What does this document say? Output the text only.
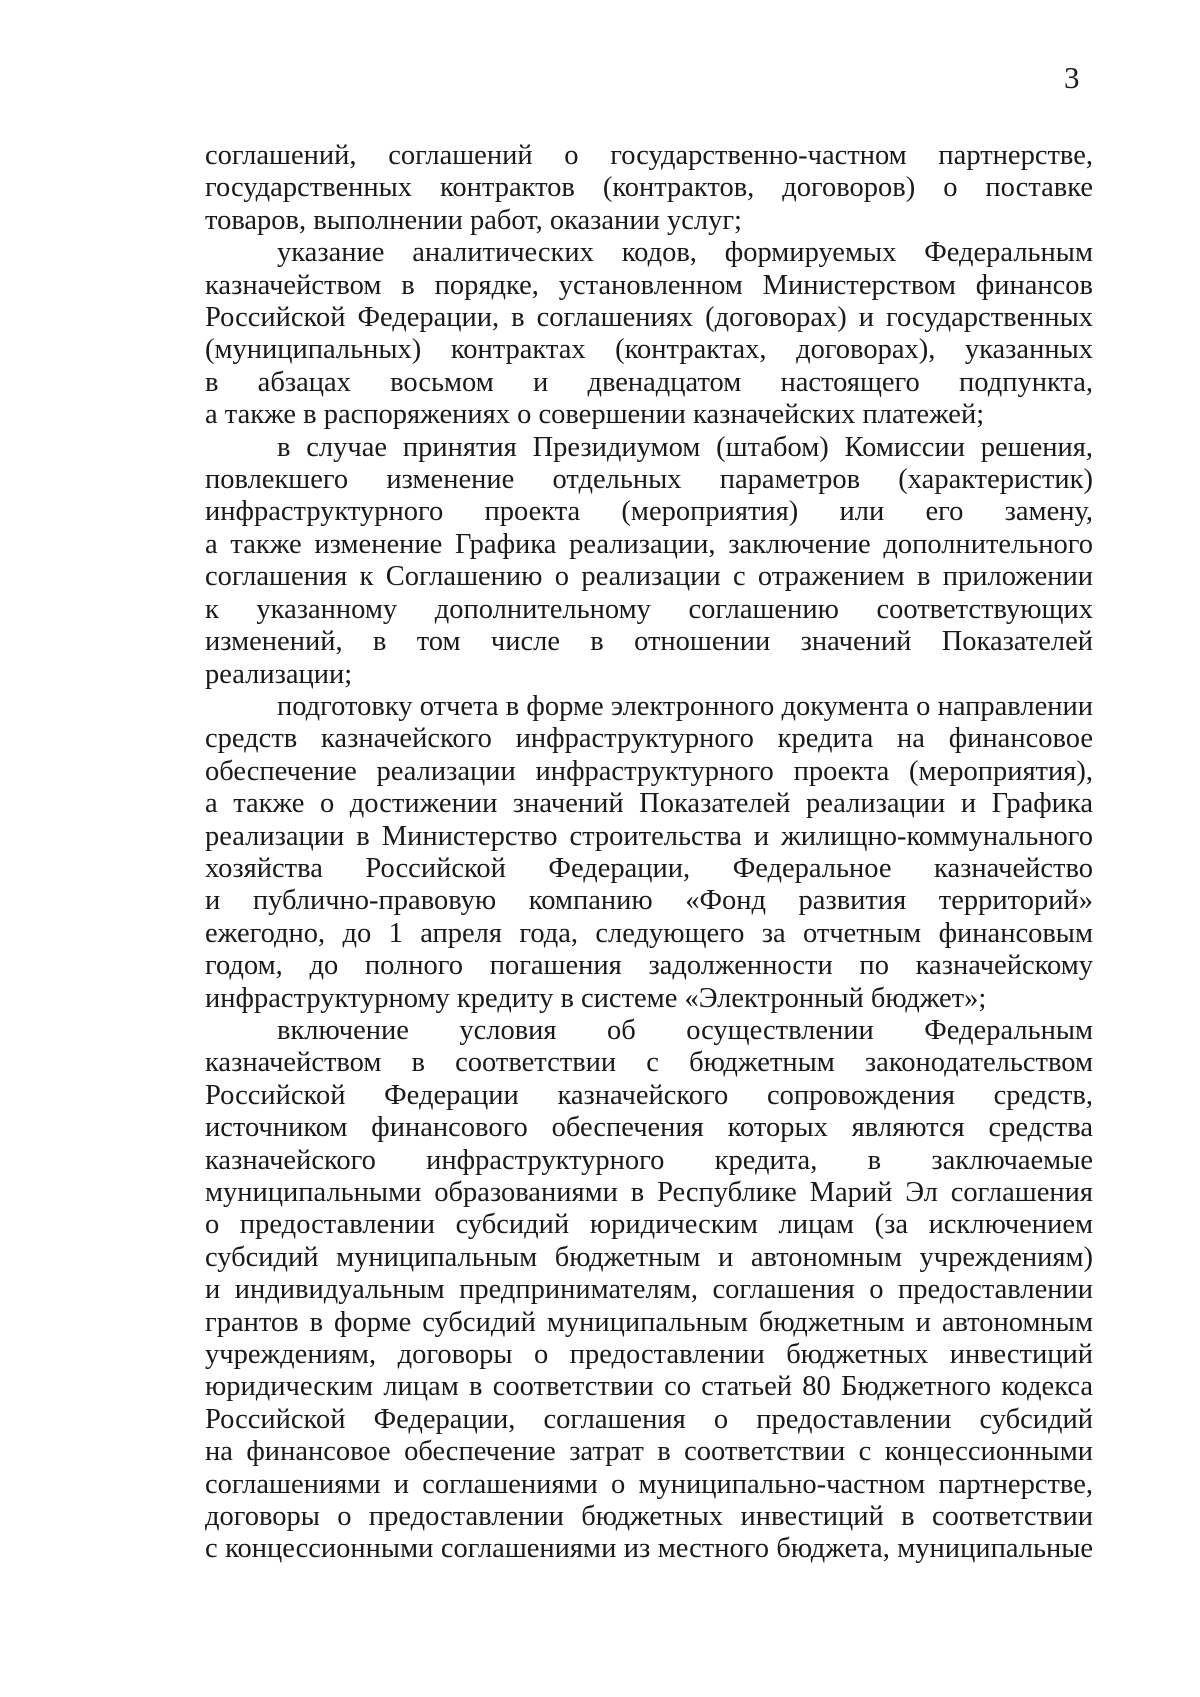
3
соглашений, соглашений о государственно-частном партнерстве,
государственных контрактов (контрактов, договоров) о поставке
товаров, выполнении работ, оказании услуг;
указание аналитических кодов, формируемых Федеральным
казначейством в порядке, установленном Министерством финансов
Российской Федерации, в соглашениях (договорах) и государственных
(муниципальных) контрактах (контрактах, договорах), указанных
в абзацах восьмом и двенадцатом настоящего подпункта,
а также в распоряжениях о совершении казначейских платежей;
в случае принятия Президиумом (штабом) Комиссии решения,
повлекшего изменение отдельных параметров (характеристик)
инфраструктурного проекта (мероприятия) или его замену,
а также изменение Графика реализации, заключение дополнительного
соглашения к Соглашению о реализации с отражением в приложении
к указанному дополнительному соглашению соответствующих
изменений, в том числе в отношении значений Показателей
реализации;
подготовку отчета в форме электронного документа о направлении
средств казначейского инфраструктурного кредита на финансовое
обеспечение реализации инфраструктурного проекта (мероприятия),
а также о достижении значений Показателей реализации и Графика
реализации в Министерство строительства и жилищно-коммунального
хозяйства Российской Федерации, Федеральное казначейство
и публично-правовую компанию «Фонд развития территорий»
ежегодно, до 1 апреля года, следующего за отчетным финансовым
годом, до полного погашения задолженности по казначейскому
инфраструктурному кредиту в системе «Электронный бюджет»;
включение условия об осуществлении Федеральным
казначейством в соответствии с бюджетным законодательством
Российской Федерации казначейского сопровождения средств,
источником финансового обеспечения которых являются средства
казначейского инфраструктурного кредита, в заключаемые
муниципальными образованиями в Республике Марий Эл соглашения
о предоставлении субсидий юридическим лицам (за исключением
субсидий муниципальным бюджетным и автономным учреждениям)
и индивидуальным предпринимателям, соглашения о предоставлении
грантов в форме субсидий муниципальным бюджетным и автономным
учреждениям, договоры о предоставлении бюджетных инвестиций
юридическим лицам в соответствии со статьей 80 Бюджетного кодекса
Российской Федерации, соглашения о предоставлении субсидий
на финансовое обеспечение затрат в соответствии с концессионными
соглашениями и соглашениями о муниципально-частном партнерстве,
договоры о предоставлении бюджетных инвестиций в соответствии
с концессионными соглашениями из местного бюджета, муниципальные
